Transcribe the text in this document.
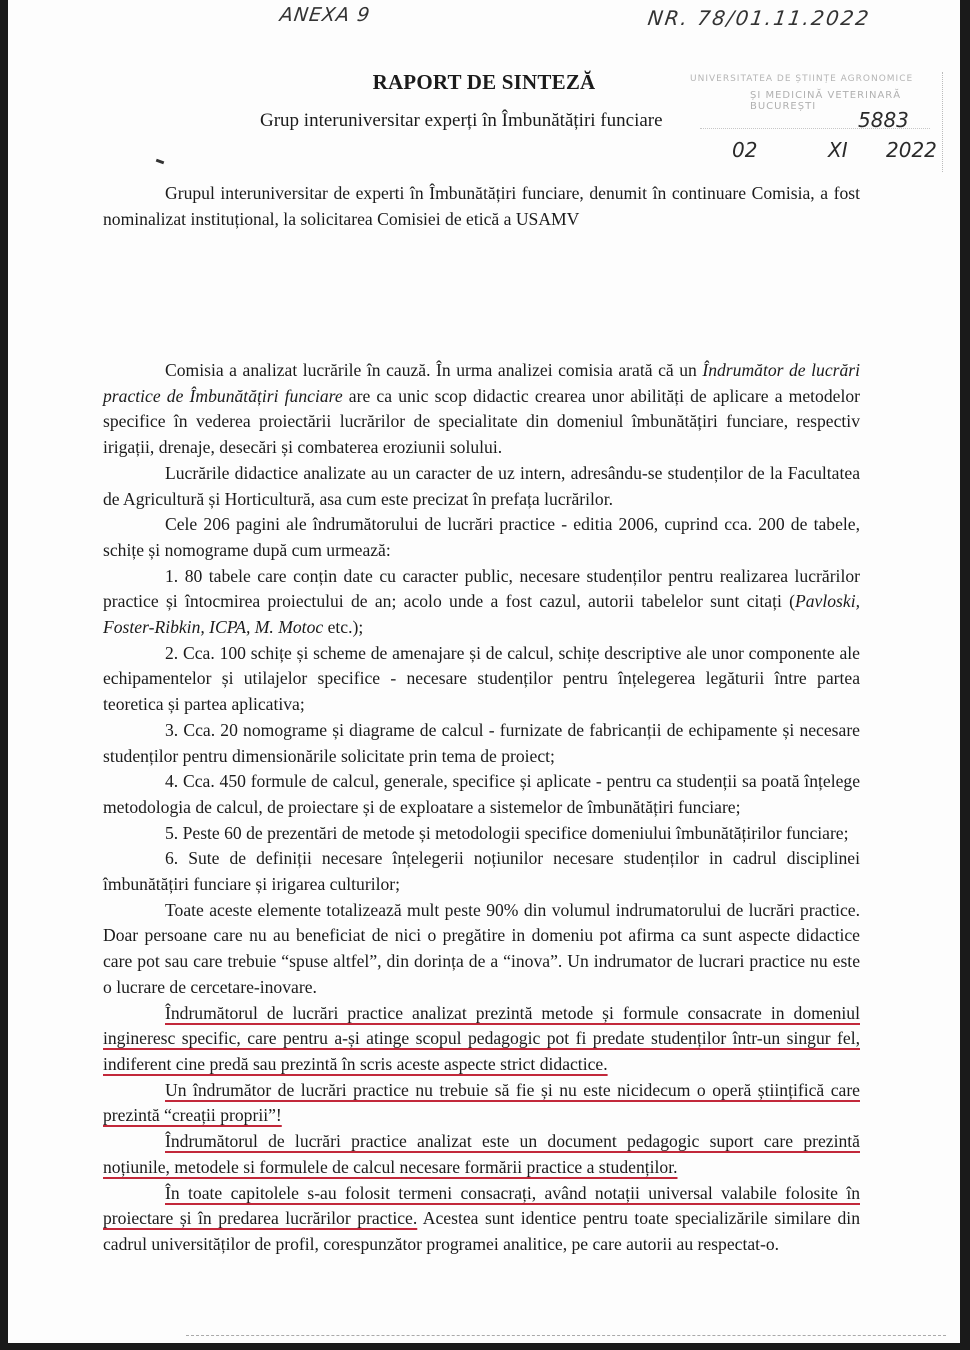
ANEXA 9	NR. 78/01.11.2022
RAPORT DE SINTEZĂ
Grup interuniversitar experți în Îmbunătățiri funciare
UNIVERSITATEA DE ȘTIINȚE AGRONOMICE
ȘI MEDICINĂ VETERINARĂ BUCUREȘTI
5883
02	XI 2022

Grupul interuniversitar de experti în Îmbunătățiri funciare, denumit în continuare Comisia, a fost nominalizat instituțional, la solicitarea Comisiei de etică a USAMV

Comisia a analizat lucrările în cauză. În urma analizei comisia arată că un Îndrumător de lucrări practice de Îmbunătățiri funciare are ca unic scop didactic crearea unor abilități de aplicare a metodelor specifice în vederea proiectării lucrărilor de specialitate din domeniul îmbunătățiri funciare, respectiv irigații, drenaje, desecări și combaterea eroziunii solului.

Lucrările didactice analizate au un caracter de uz intern, adresându-se studenților de la Facultatea de Agricultură și Horticultură, asa cum este precizat în prefața lucrărilor.

Cele 206 pagini ale îndrumătorului de lucrări practice - editia 2006, cuprind cca. 200 de tabele, schițe și nomograme după cum urmează:

1. 80 tabele care conțin date cu caracter public, necesare studenților pentru realizarea lucrărilor practice și întocmirea proiectului de an; acolo unde a fost cazul, autorii tabelelor sunt citați (Pavloski, Foster-Ribkin, ICPA, M. Motoc etc.);

2. Cca. 100 schițe și scheme de amenajare și de calcul, schițe descriptive ale unor componente ale echipamentelor și utilajelor specifice - necesare studenților pentru înțelegerea legăturii între partea teoretica și partea aplicativa;

3. Cca. 20 nomograme și diagrame de calcul - furnizate de fabricanții de echipamente și necesare studenților pentru dimensionările solicitate prin tema de proiect;

4. Cca. 450 formule de calcul, generale, specifice și aplicate - pentru ca studenții sa poată înțelege metodologia de calcul, de proiectare și de exploatare a sistemelor de îmbunătățiri funciare;

5. Peste 60 de prezentări de metode și metodologii specifice domeniului îmbunătățirilor funciare;

6. Sute de definiții necesare înțelegerii noțiunilor necesare studenților in cadrul disciplinei îmbunătățiri funciare și irigarea culturilor;

Toate aceste elemente totalizează mult peste 90% din volumul indrumatorului de lucrări practice. Doar persoane care nu au beneficiat de nici o pregătire in domeniu pot afirma ca sunt aspecte didactice care pot sau care trebuie “spuse altfel”, din dorința de a “inova”. Un indrumator de lucrari practice nu este o lucrare de cercetare-inovare.

Îndrumătorul de lucrări practice analizat prezintă metode și formule consacrate in domeniul ingineresc specific, care pentru a-și atinge scopul pedagogic pot fi predate studenților într-un singur fel, indiferent cine predă sau prezintă în scris aceste aspecte strict didactice.

Un îndrumător de lucrări practice nu trebuie să fie și nu este nicidecum o operă științifică care prezintă “creații proprii”!

Îndrumătorul de lucrări practice analizat este un document pedagogic suport care prezintă noțiunile, metodele si formulele de calcul necesare formării practice a studenților.

În toate capitolele s-au folosit termeni consacrați, având notații universal valabile folosite în proiectare și în predarea lucrărilor practice. Acestea sunt identice pentru toate specializările similare din cadrul universităților de profil, corespunzător programei analitice, pe care autorii au respectat-o.
